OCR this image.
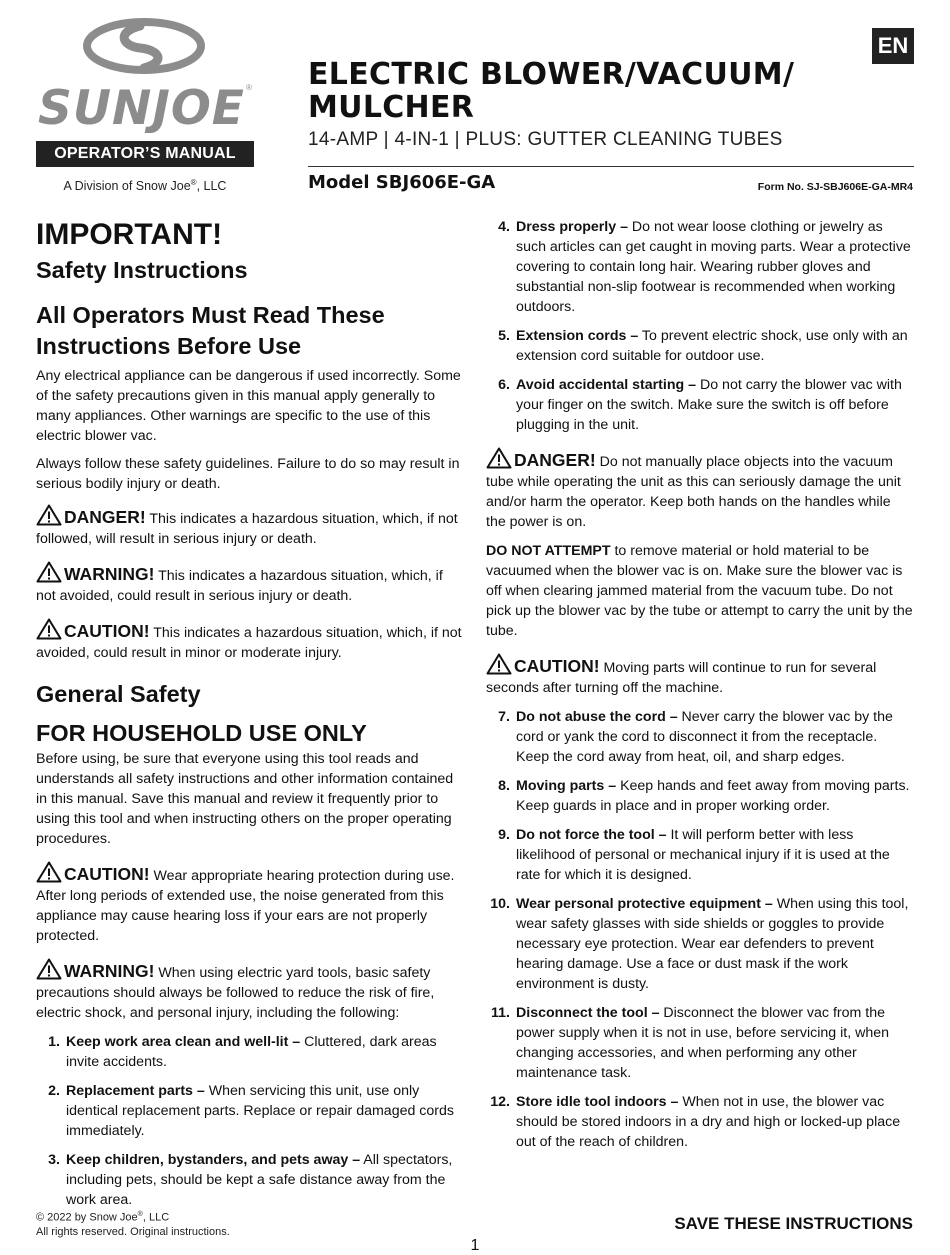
SUNJOE ®
OPERATOR’S MANUAL
A Division of Snow Joe®, LLC
EN
ELECTRIC BLOWER/VACUUM/
MULCHER
14-AMP | 4-IN-1 | PLUS: GUTTER CLEANING TUBES
Model SBJ606E-GA	Form No. SJ-SBJ606E-GA-MR4
IMPORTANT!
Safety Instructions
All Operators Must Read These
Instructions Before Use

Any electrical appliance can be dangerous if used incorrectly. Some of the safety precautions given in this manual apply generally to many appliances. Other warnings are specific to the use of this electric blower vac.

Always follow these safety guidelines. Failure to do so may result in serious bodily injury or death.

DANGER! This indicates a hazardous situation, which, if not followed, will result in serious injury or death.

WARNING! This indicates a hazardous situation, which, if not avoided, could result in serious injury or death.

CAUTION! This indicates a hazardous situation, which, if not avoided, could result in minor or moderate injury.

General Safety
FOR HOUSEHOLD USE ONLY

Before using, be sure that everyone using this tool reads and understands all safety instructions and other information contained in this manual. Save this manual and review it frequently prior to using this tool and when instructing others on the proper operating procedures.

CAUTION! Wear appropriate hearing protection during use. After long periods of extended use, the noise generated from this appliance may cause hearing loss if your ears are not properly protected.

WARNING! When using electric yard tools, basic safety precautions should always be followed to reduce the risk of fire, electric shock, and personal injury, including the following:

1. Keep work area clean and well-lit – Cluttered, dark areas invite accidents.
2. Replacement parts – When servicing this unit, use only identical replacement parts. Replace or repair damaged cords immediately.
3. Keep children, bystanders, and pets away – All spectators, including pets, should be kept a safe distance away from the work area.
4. Dress properly – Do not wear loose clothing or jewelry as such articles can get caught in moving parts. Wear a protective covering to contain long hair. Wearing rubber gloves and substantial non-slip footwear is recommended when working outdoors.
5. Extension cords – To prevent electric shock, use only with an extension cord suitable for outdoor use.
6. Avoid accidental starting – Do not carry the blower vac with your finger on the switch. Make sure the switch is off before plugging in the unit.

DANGER! Do not manually place objects into the vacuum tube while operating the unit as this can seriously damage the unit and/or harm the operator. Keep both hands on the handles while the power is on.

DO NOT ATTEMPT to remove material or hold material to be vacuumed when the blower vac is on. Make sure the blower vac is off when clearing jammed material from the vacuum tube. Do not pick up the blower vac by the tube or attempt to carry the unit by the tube.

CAUTION! Moving parts will continue to run for several seconds after turning off the machine.

7. Do not abuse the cord – Never carry the blower vac by the cord or yank the cord to disconnect it from the receptacle. Keep the cord away from heat, oil, and sharp edges.
8. Moving parts – Keep hands and feet away from moving parts. Keep guards in place and in proper working order.
9. Do not force the tool – It will perform better with less likelihood of personal or mechanical injury if it is used at the rate for which it is designed.
10. Wear personal protective equipment – When using this tool, wear safety glasses with side shields or goggles to provide necessary eye protection. Wear ear defenders to prevent hearing damage. Use a face or dust mask if the work environment is dusty.
11. Disconnect the tool – Disconnect the blower vac from the power supply when it is not in use, before servicing it, when changing accessories, and when performing any other maintenance task.
12. Store idle tool indoors – When not in use, the blower vac should be stored indoors in a dry and high or locked-up place out of the reach of children.
© 2022 by Snow Joe®, LLC
All rights reserved. Original instructions.	SAVE THESE INSTRUCTIONS
1
